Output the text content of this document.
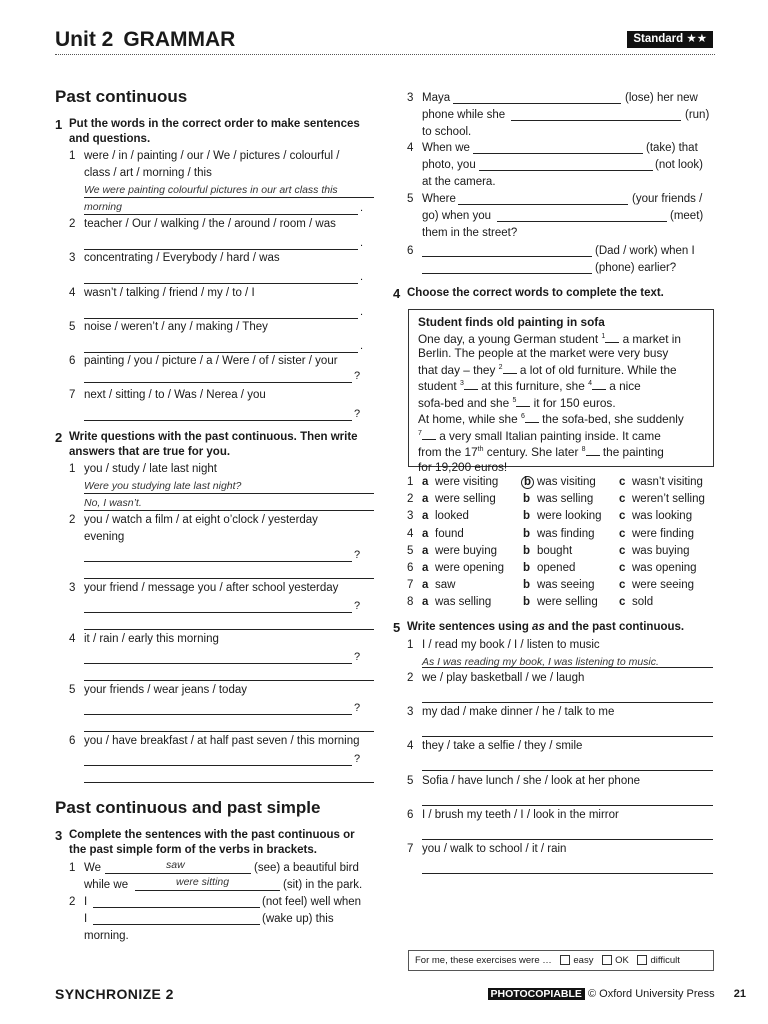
Unit 2 GRAMMAR	Standard ★★
Past continuous
1 Put the words in the correct order to make sentences and questions.
1 were / in / painting / our / We / pictures / colourful /
class / art / morning / this
We were painting colourful pictures in our art class this
morning	.
2 teacher / Our / walking / the / around / room / was
.
3 concentrating / Everybody / hard / was
.
4 wasn’t / talking / friend / my / to / I
.
5 noise / weren’t / any / making / They
.
6 painting / you / picture / a / Were / of / sister / your
?
7 next / sitting / to / Was / Nerea / you
?
2 Write questions with the past continuous. Then write answers that are true for you.
1 you / study / late last night
Were you studying late last night?
No, I wasn’t.
2 you / watch a film / at eight o’clock / yesterday
evening
?
3 your friend / message you / after school yesterday
?
4 it / rain / early this morning
?
5 your friends / wear jeans / today
?
6 you / have breakfast / at half past seven / this morning
?
Past continuous and past simple
3 Complete the sentences with the past continuous or the past simple form of the verbs in brackets.
1 We	saw	(see) a beautiful bird
while we	were sitting	(sit) in the park.
2 I	(not feel) well when
I	(wake up) this
morning.
3 Maya	(lose) her new
phone while she	(run)
to school.
4 When we	(take) that
photo, you	(not look)
at the camera.
5 Where	(your friends /
go) when you	(meet)
them in the street?
6	(Dad / work) when I
(phone) earlier?
4 Choose the correct words to complete the text.
Student finds old painting in sofa
One day, a young German student $^1$ a market in
Berlin. The people at the market were very busy
that day – they $^2$ a lot of old furniture. While the
student $^3$ at this furniture, she $^4$ a nice
sofa-bed and she $^5$ it for 150 euros.
At home, while she $^6$ the sofa-bed, she suddenly
$^7$ a very small Italian painting inside. It came
from the 17th century. She later $^8$ the painting
for 19,200 euros!
1 a were visiting b was visiting c wasn’t visiting
2 a were selling b was selling c weren’t selling
3 a looked	b were looking c was looking
4 a found	b was finding c were finding
5 a were buying b bought	c was buying
6 a were opening b opened	c was opening
7 a saw	b was seeing c were seeing
8 a was selling	b were selling c sold
5 Write sentences using as and the past continuous.
1 I / read my book / I / listen to music
As I was reading my book, I was listening to music.
2 we / play basketball / we / laugh
3 my dad / make dinner / he / talk to me
4 they / take a selfie / they / smile
5 Sofia / have lunch / she / look at her phone
6 I / brush my teeth / I / look in the mirror
7 you / walk to school / it / rain
For me, these exercises were … easy OK difficult
SYNCHRONIZE 2	PHOTOCOPIABLE © Oxford University Press 21
